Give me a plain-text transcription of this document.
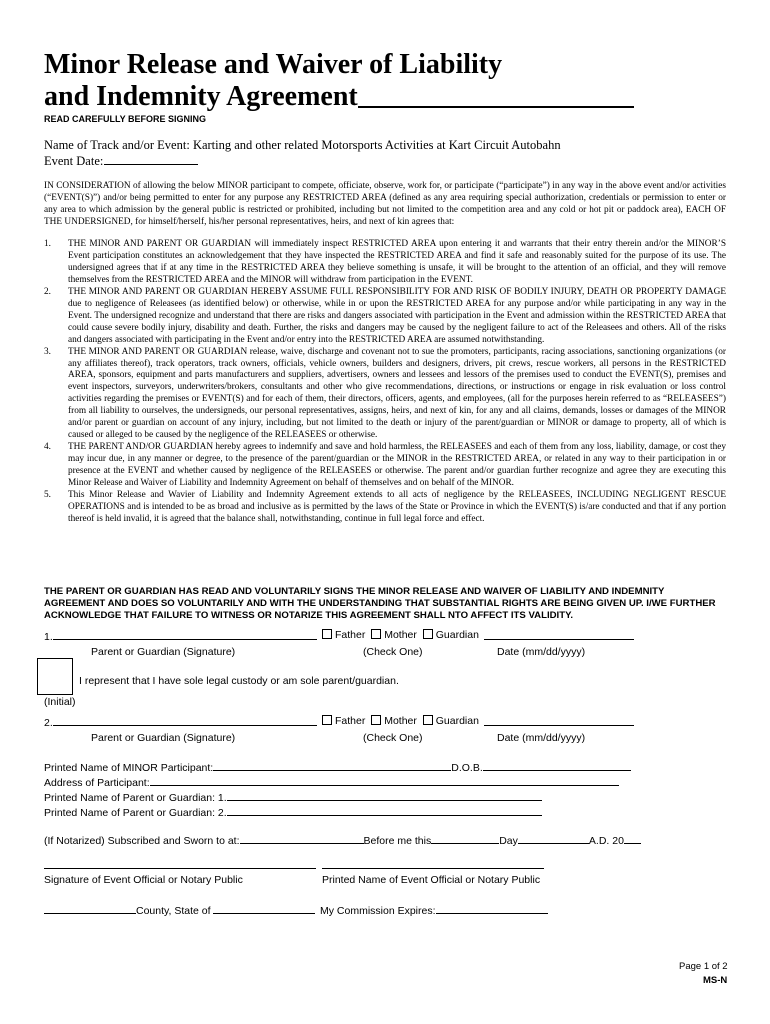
Minor Release and Waiver of Liability
and Indemnity Agreement
READ CAREFULLY BEFORE SIGNING
Name of Track and/or Event: Karting and other related Motorsports Activities at Kart Circuit Autobahn
Event Date:
IN CONSIDERATION of allowing the below MINOR participant to compete, officiate, observe, work for, or participate (“participate”) in any way in the above event and/or activities (“EVENT(S)”) and/or being permitted to enter for any purpose any RESTRICTED AREA (defined as any area requiring special authorization, credentials or permission to enter or any area to which admission by the general public is restricted or prohibited, including but not limited to the competition area and any cold or hot pit or paddock area), EACH OF THE UNDERSIGNED, for himself/herself, his/her personal representatives, heirs, and next of kin agrees that:
1. THE MINOR AND PARENT OR GUARDIAN will immediately inspect RESTRICTED AREA upon entering it and warrants that their entry therein and/or the MINOR’S Event participation constitutes an acknowledgement that they have inspected the RESTRICTED AREA and find it safe and reasonably suited for the purpose of its use. The undersigned agrees that if at any time in the RESTRICTED AREA they believe something is unsafe, it will be brought to the attention of an official, and they will remove themselves from the RESTRICTED AREA and the MINOR will withdraw from participation in the EVENT.
2. THE MINOR AND PARENT OR GUARDIAN HEREBY ASSUME FULL RESPONSIBILITY FOR AND RISK OF BODILY INJURY, DEATH OR PROPERTY DAMAGE due to negligence of Releasees (as identified below) or otherwise, while in or upon the RESTRICTED AREA for any purpose and/or while participating in any way in the Event. The undersigned recognize and understand that there are risks and dangers associated with participation in the Event and admission within the RESTRICTED AREA that could cause severe bodily injury, disability and death. Further, the risks and dangers may be caused by the negligent failure to act of the Releasees and others. All of the risks and dangers associated with participating in the Event and/or entry into the RESTRICTED AREA are assumed notwithstanding.
3. THE MINOR AND PARENT OR GUARDIAN release, waive, discharge and covenant not to sue the promoters, participants, racing associations, sanctioning organizations (or any affiliates thereof), track operators, track owners, officials, vehicle owners, builders and designers, drivers, pit crews, rescue workers, all persons in the RESTRICTED AREA, sponsors, equipment and parts manufacturers and suppliers, advertisers, owners and lessees and lessors of the premises used to conduct the EVENT(S), premises and event inspectors, surveyors, underwriters/brokers, consultants and other who give recommendations, directions, or instructions or engage in risk evaluation or loss control activities regarding the premises or EVENT(S) and for each of them, their directors, officers, agents, and employees, (all for the purposes herein referred to as “RELEASEES”) from all liability to ourselves, the undersigneds, our personal representatives, assigns, heirs, and next of kin, for any and all claims, demands, losses or damages of the MINOR and/or parent or guardian on account of any injury, including, but not limited to the death or injury of the parent/guardian or MINOR or damage to property, all of which is caused or alleged to be caused by the negligence of the RELEASEES or otherwise.
4. THE PARENT AND/OR GUARDIAN hereby agrees to indemnify and save and hold harmless, the RELEASEES and each of them from any loss, liability, damage, or cost they may incur due, in any manner or degree, to the presence of the parent/guardian or the MINOR in the RESTRICTED AREA, or related in any way to their participation in or presence at the EVENT and whether caused by negligence of the RELEASEES or otherwise. The parent and/or guardian further recognize and agree they are executing this Minor Release and Waiver of Liability and Indemnity Agreement on behalf of themselves and on behalf of the MINOR.
5. This Minor Release and Wavier of Liability and Indemnity Agreement extends to all acts of negligence by the RELEASEES, INCLUDING NEGLIGENT RESCUE OPERATIONS and is intended to be as broad and inclusive as is permitted by the laws of the State or Province in which the EVENT(S) is/are conducted and that if any portion thereof is held invalid, it is agreed that the balance shall, notwithstanding, continue in full legal force and effect.
THE PARENT OR GUARDIAN HAS READ AND VOLUNTARILY SIGNS THE MINOR RELEASE AND WAIVER OF LIABILITY AND INDEMNITY AGREEMENT AND DOES SO VOLUNTARILY AND WITH THE UNDERSTANDING THAT SUBSTANTIAL RIGHTS ARE BEING GIVEN UP. I/WE FURTHER ACKNOWLEDGE THAT FAILURE TO WITNESS OR NOTARIZE THIS AGREEMENT SHALL NTO AFFECT ITS VALIDITY.
1.	Father Mother Guardian
Parent or Guardian (Signature)	(Check One)	Date (mm/dd/yyyy)
I represent that I have sole legal custody or am sole parent/guardian.
(Initial)
2.	Father Mother Guardian
Parent or Guardian (Signature)	(Check One)	Date (mm/dd/yyyy)
Printed Name of MINOR Participant:	D.O.B.
Address of Participant:
Printed Name of Parent or Guardian: 1.
Printed Name of Parent or Guardian: 2.
(If Notarized) Subscribed and Sworn to at:	Before me this	Day	A.D. 20
Signature of Event Official or Notary Public	Printed Name of Event Official or Notary Public
County, State of	My Commission Expires:
Page 1 of 2
MS-N
